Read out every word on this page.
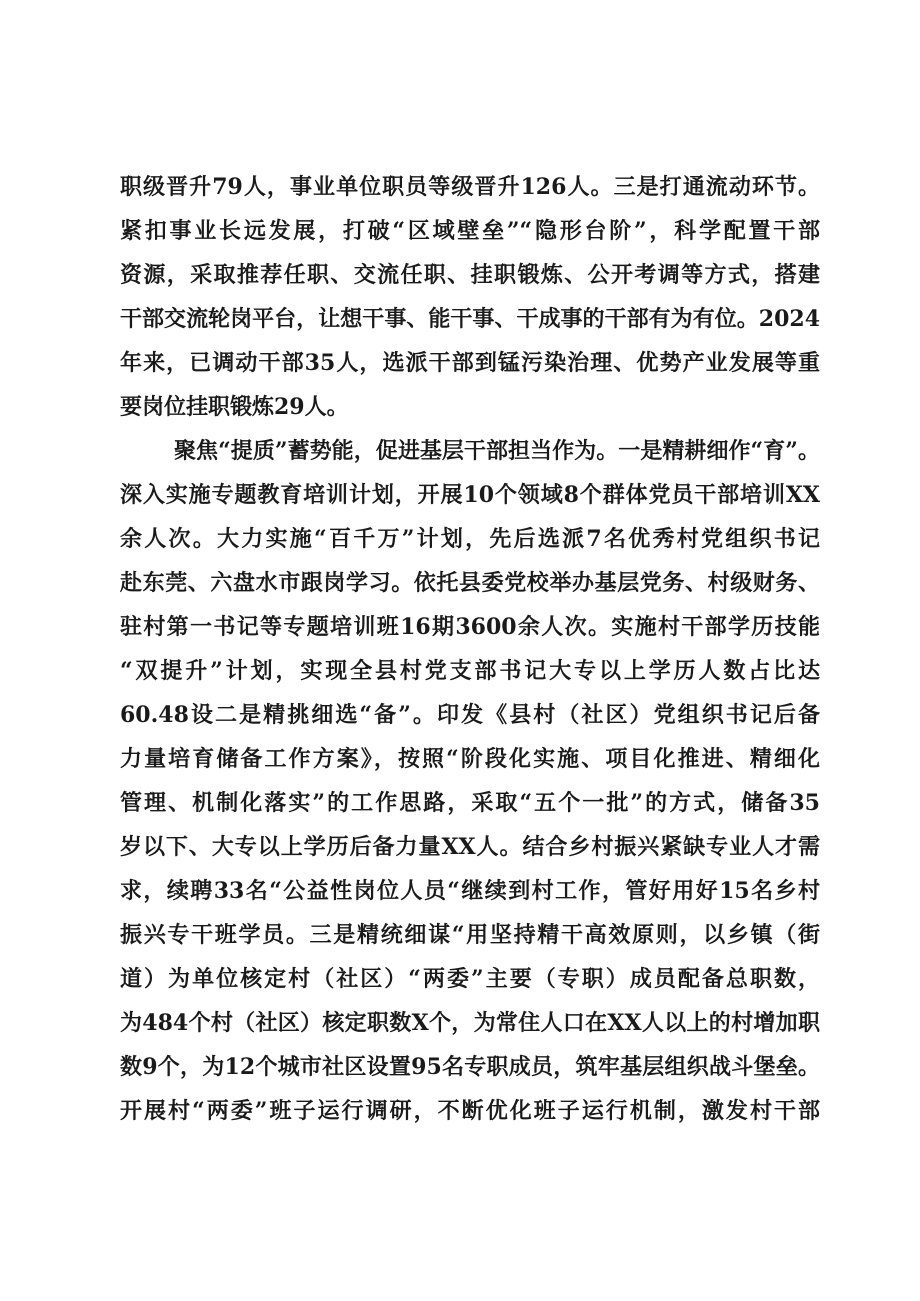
职级晋升79人，事业单位职员等级晋升126人。三是打通流动环节。
紧扣事业长远发展，打破“区域壁垒”“隐形台阶”，科学配置干部
资源，采取推荐任职、交流任职、挂职锻炼、公开考调等方式，搭建
干部交流轮岗平台，让想干事、能干事、干成事的干部有为有位。2024
年来，已调动干部35人，选派干部到锰污染治理、优势产业发展等重
要岗位挂职锻炼29人。
聚焦“提质”蓄势能，促进基层干部担当作为。一是精耕细作“育”。
深入实施专题教育培训计划，开展10个领域8个群体党员干部培训XX
余人次。大力实施“百千万”计划，先后选派7名优秀村党组织书记
赴东莞、六盘水市跟岗学习。依托县委党校举办基层党务、村级财务、
驻村第一书记等专题培训班16期3600余人次。实施村干部学历技能
“双提升”计划，实现全县村党支部书记大专以上学历人数占比达
60.48设二是精挑细选“备”。印发《县村（社区）党组织书记后备
力量培育储备工作方案》，按照“阶段化实施、项目化推进、精细化
管理、机制化落实”的工作思路，采取“五个一批”的方式，储备35
岁以下、大专以上学历后备力量XX人。结合乡村振兴紧缺专业人才需
求，续聘33名“公益性岗位人员“继续到村工作，管好用好15名乡村
振兴专干班学员。三是精统细谋“用坚持精干高效原则，以乡镇（街
道）为单位核定村（社区）“两委”主要（专职）成员配备总职数，
为484个村（社区）核定职数X个，为常住人口在XX人以上的村增加职
数9个，为12个城市社区设置95名专职成员，筑牢基层组织战斗堡垒。
开展村“两委”班子运行调研，不断优化班子运行机制，激发村干部
